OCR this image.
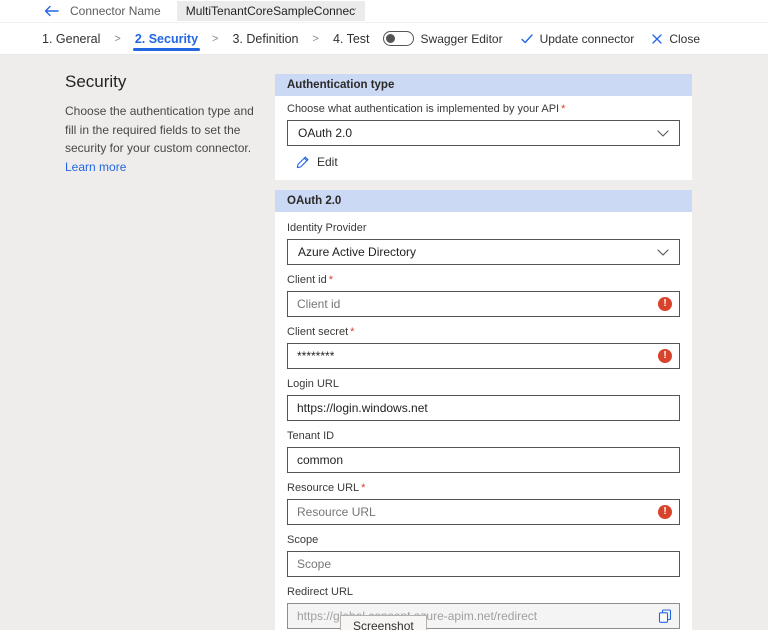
Connector Name
MultiTenantCoreSampleConnector
1. General > 2. Security > 3. Definition > 4. Test	Swagger Editor	Update connector	Close
Security
Choose the authentication type and fill in the required fields to set the security for your custom connector.
Learn more
Authentication type
Choose what authentication is implemented by your API *
OAuth 2.0
Edit
OAuth 2.0
Identity Provider
Azure Active Directory
Client id *
Client id
!
Client secret *
********
!
Login URL
https://login.windows.net
Tenant ID
common
Resource URL *
Resource URL
!
Scope
Scope
Redirect URL
https://global.consent.azure-apim.net/redirect
Screenshot
